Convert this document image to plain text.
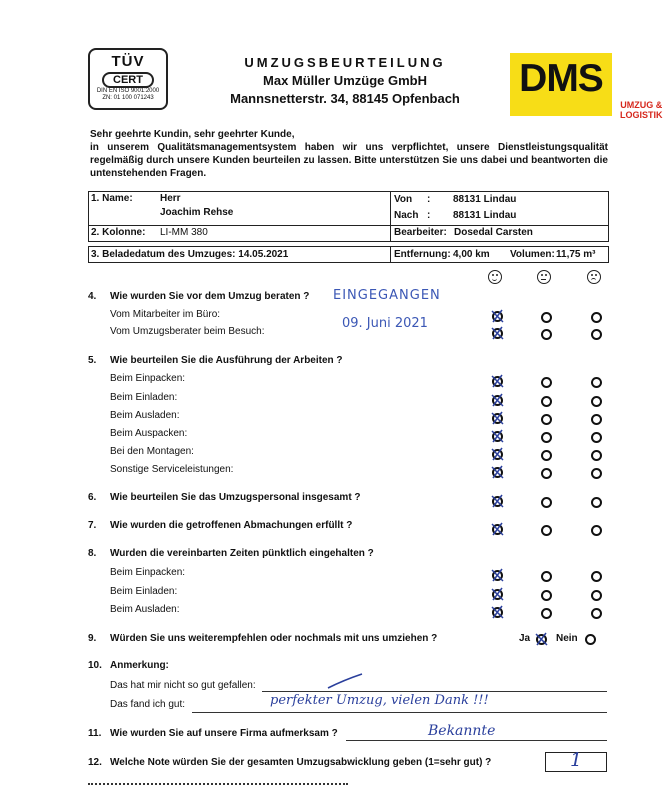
TÜV
CERT
DIN EN ISO 9001:2000
ZN: 01 100 071243
UMZUGSBEURTEILUNG
Max Müller Umzüge GmbH
Mannsnetterstr. 34, 88145 Opfenbach	DMS
UMZUG & LOGISTIK
Sehr geehrte Kundin, sehr geehrter Kunde,
in unserem Qualitätsmanagementsystem haben wir uns verpflichtet, unsere Dienstleistungsqualität regelmäßig durch unsere Kunden beurteilen zu lassen. Bitte unterstützen Sie uns dabei und beantworten die untenstehenden Fragen.
1. Name:	Herr
Joachim Rehse
Von : 88131 Lindau
Nach : 88131 Lindau
2. Kolonne: LI-MM 380	Bearbeiter: Dosedal Carsten
3. Beladedatum des Umzuges: 14.05.2021	Entfernung: 4,00 km Volumen: 11,75 m³
EINGEGANGEN
09. Juni 2021
4. Wie wurden Sie vor dem Umzug beraten ?
Vom Mitarbeiter im Büro:
Vom Umzugsberater beim Besuch:
5. Wie beurteilen Sie die Ausführung der Arbeiten ?
Beim Einpacken:
Beim Einladen:
Beim Ausladen:
Beim Auspacken:
Bei den Montagen:
Sonstige Serviceleistungen:
6. Wie beurteilen Sie das Umzugspersonal insgesamt ?
7. Wie wurden die getroffenen Abmachungen erfüllt ?
8. Wurden die vereinbarten Zeiten pünktlich eingehalten ?
Beim Einpacken:
Beim Einladen:
Beim Ausladen:
9. Würden Sie uns weiterempfehlen oder nochmals mit uns umziehen ?	Ja	Nein
10. Anmerkung:
Das hat mir nicht so gut gefallen:
Das fand ich gut:	perfekter Umzug, vielen Dank !!!
11. Wie wurden Sie auf unsere Firma aufmerksam ?	Bekannte
12. Welche Note würden Sie der gesamten Umzugsabwicklung geben (1=sehr gut) ?	1
